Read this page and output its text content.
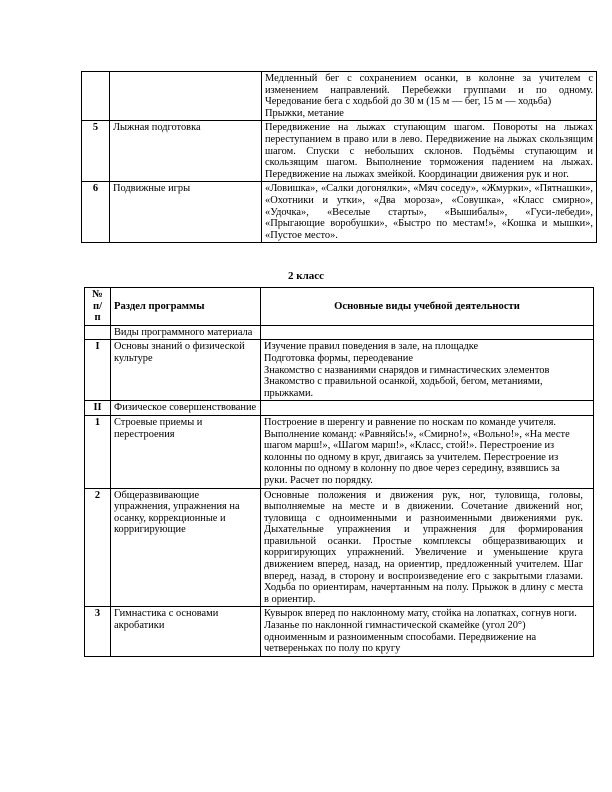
		Медленный бег с сохранением осанки, в колонне за учителем с изменением направлений. Перебежки группами и по одному. Чередование бега с ходьбой до 30 м (15 м — бег, 15 м — ходьба)
Прыжки, метание
5	Лыжная подготовка	Передвижение на лыжах ступающим шагом. Повороты на лыжах переступанием в право или в лево. Передвижение на лыжах скользящим шагом. Спуски с небольших склонов. Подъёмы ступающим и скользящим шагом. Выполнение торможения падением на лыжах. Передвижение на лыжах змейкой. Координации движения рук и ног.
6	Подвижные игры	«Ловишка», «Салки догонялки», «Мяч соседу», «Жмурки», «Пятнашки», «Охотники и утки», «Два мороза», «Совушка», «Класс смирно», «Удочка», «Веселые старты», «Вышибалы», «Гуси-лебеди», «Прыгающие воробушки», «Быстро по местам!», «Кошка и мышки», «Пустое место».
2 класс
№
п/
п	Раздел программы	Основные виды учебной деятельности
	Виды программного материала	
I	Основы знаний о физической культуре	Изучение правил поведения в зале, на площадке
Подготовка формы, переодевание
Знакомство с названиями снарядов и гимнастических элементов
Знакомство с правильной осанкой, ходьбой, бегом, метаниями, прыжками.
II	Физическое совершенствование	
1	Строевые приемы и перестроения	Построение в шеренгу и равнение по носкам по команде учителя. Выполнение команд: «Равняйсь!», «Смирно!», «Вольно!», «На месте шагом марш!», «Шагом марш!», «Класс, стой!». Перестроение из колонны по одному в круг, двигаясь за учителем. Перестроение из колонны по одному в колонну по двое через середину, взявшись за руки. Расчет по порядку.
2	Общеразвивающие упражнения, упражнения на осанку, коррекционные и корригирующие	Основные положения и движения рук, ног, туловища, головы, выполняемые на месте и в движении. Сочетание движений ног, туловища с одноименными и разноименными движениями рук. Дыхательные упражнения и упражнения для формирования правильной осанки. Простые комплексы общеразвивающих и корригирующих упражнений. Увеличение и уменьшение круга движением вперед, назад, на ориентир, предложенный учителем. Шаг вперед, назад, в сторону и воспроизведение его с закрытыми глазами. Ходьба по ориентирам, начертанным на полу. Прыжок в длину с места в ориентир.
3	Гимнастика с основами акробатики	Кувырок вперед по наклонному мату, стойка на лопатках, согнув ноги. Лазанье по наклонной гимнастической скамейке (угол 20°) одноименным и разноименным способами. Передвижение на четвереньках по полу по кругу
